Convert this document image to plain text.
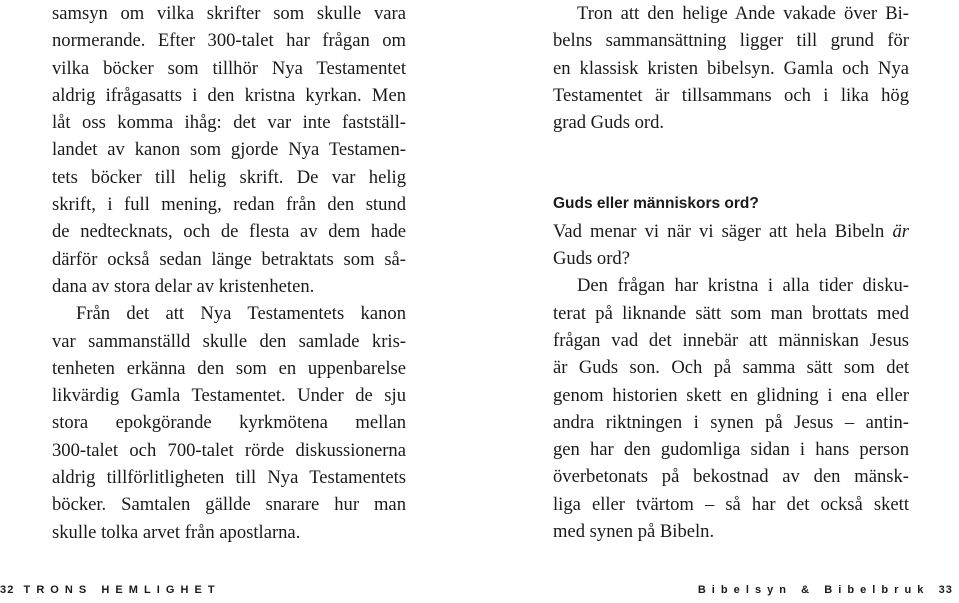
samsyn om vilka skrifter som skulle vara
normerande. Efter 300-talet har frågan om
vilka böcker som tillhör Nya Testamentet
aldrig ifrågasatts i den kristna kyrkan. Men
låt oss komma ihåg: det var inte fastställ-
landet av kanon som gjorde Nya Testamen-
tets böcker till helig skrift. De var helig
skrift, i full mening, redan från den stund
de nedtecknats, och de flesta av dem hade
därför också sedan länge betraktats som så-
dana av stora delar av kristenheten.
Från det att Nya Testamentets kanon
var sammanställd skulle den samlade kris-
tenheten erkänna den som en uppenbarelse
likvärdig Gamla Testamentet. Under de sju
stora epokgörande kyrkmötena mellan
300-talet och 700-talet rörde diskussionerna
aldrig tillförlitligheten till Nya Testamentets
böcker. Samtalen gällde snarare hur man
skulle tolka arvet från apostlarna.
Tron att den helige Ande vakade över Bi-
belns sammansättning ligger till grund för
en klassisk kristen bibelsyn. Gamla och Nya
Testamentet är tillsammans och i lika hög
grad Guds ord.
Guds eller människors ord?
Vad menar vi när vi säger att hela Bibeln är
Guds ord?
Den frågan har kristna i alla tider disku-
terat på liknande sätt som man brottats med
frågan vad det innebär att människan Jesus
är Guds son. Och på samma sätt som det
genom historien skett en glidning i ena eller
andra riktningen i synen på Jesus – antin-
gen har den gudomliga sidan i hans person
överbetonats på bekostnad av den mänsk-
liga eller tvärtom – så har det också skett
med synen på Bibeln.
32 TRONS HEMLIGHET	Bibelsyn & Bibelbruk 33
